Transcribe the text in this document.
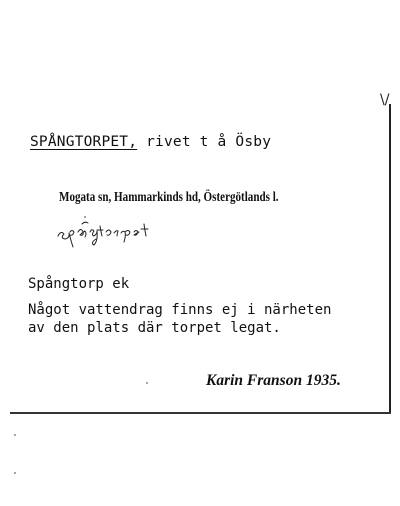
\/
SPÅNGTORPET, rivet t å Ösby
Mogata sn, Hammarkinds hd, Östergötlands l.
Spångtorp ek
Något vattendrag finns ej i närheten
av den plats där torpet legat.
Karin Franson 1935.
